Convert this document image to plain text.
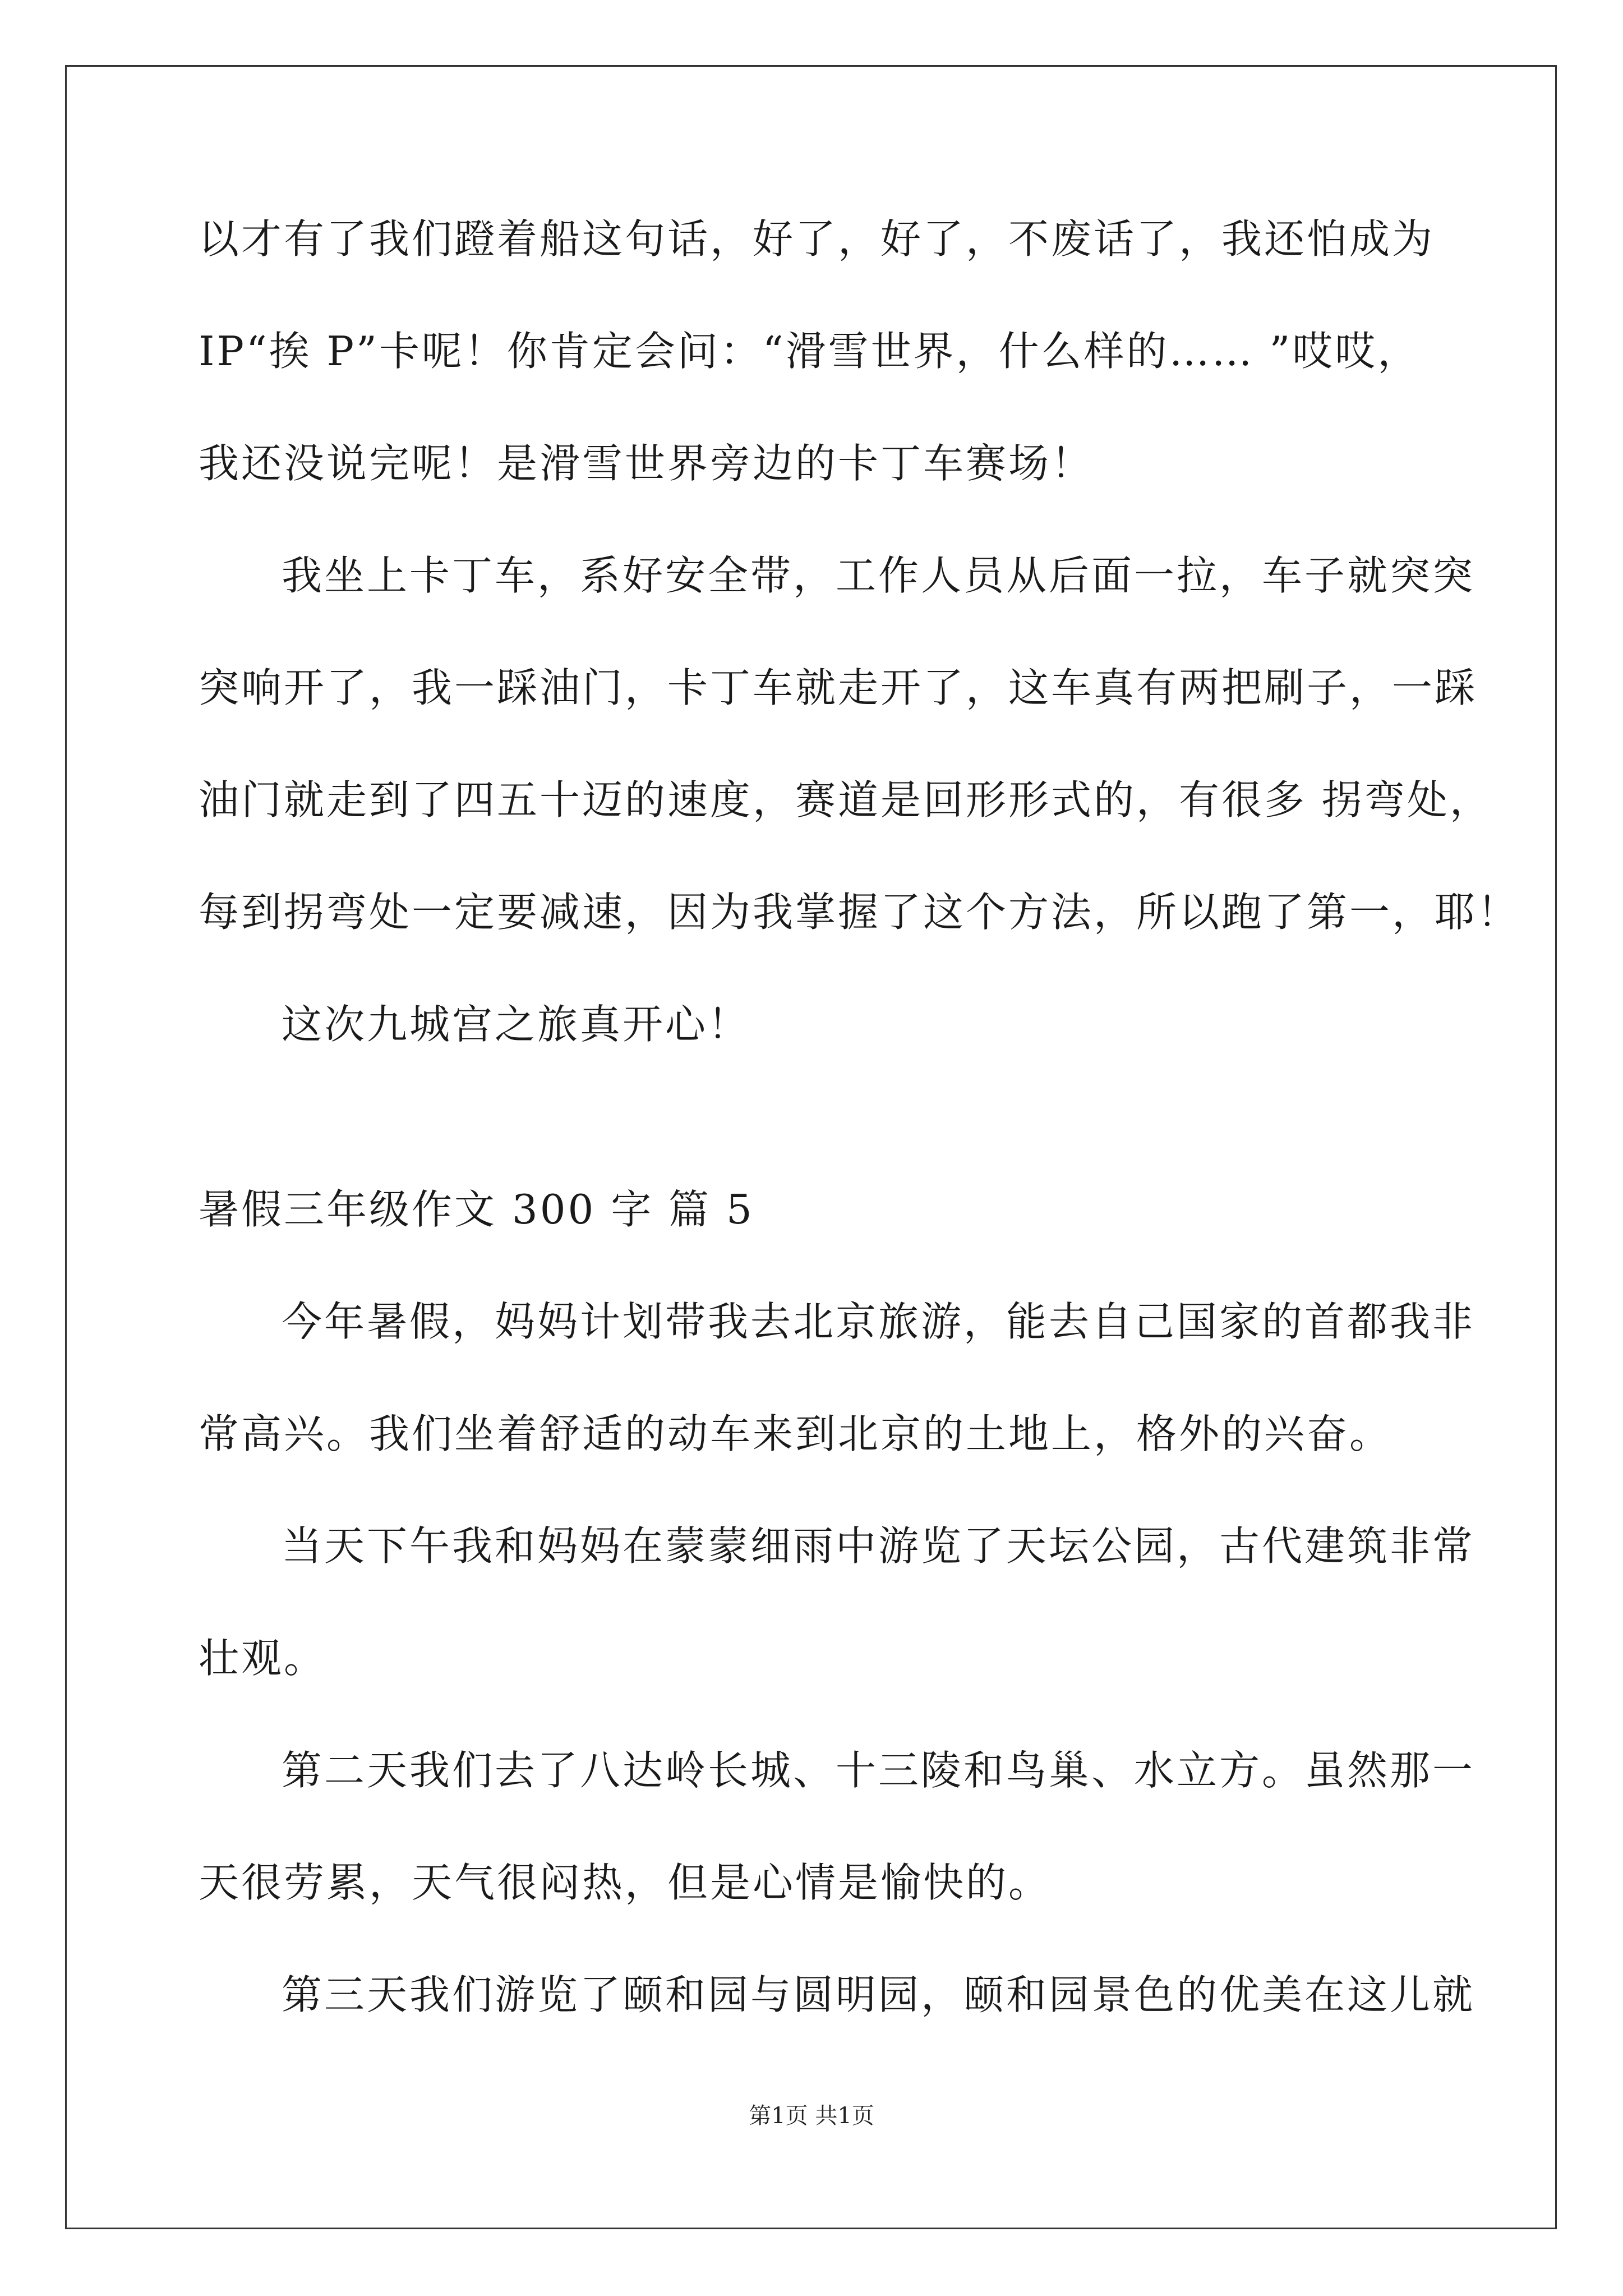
以才有了我们蹬着船这句话，好了，好了，不废话了，我还怕成为
IP“挨 P”卡呢！你肯定会问：“滑雪世界，什么样的…… ”哎哎，
我还没说完呢！是滑雪世界旁边的卡丁车赛场！
我坐上卡丁车，系好安全带，工作人员从后面一拉，车子就突突
突响开了，我一踩油门，卡丁车就走开了，这车真有两把刷子，一踩
油门就走到了四五十迈的速度，赛道是回形形式的，有很多 拐弯处，
每到拐弯处一定要减速，因为我掌握了这个方法，所以跑了第一，耶！
这次九城宫之旅真开心！
暑假三年级作文 300 字 篇 5
今年暑假，妈妈计划带我去北京旅游，能去自己国家的首都我非
常高兴。我们坐着舒适的动车来到北京的土地上，格外的兴奋。
当天下午我和妈妈在蒙蒙细雨中游览了天坛公园，古代建筑非常
壮观。
第二天我们去了八达岭长城、十三陵和鸟巢、水立方。虽然那一
天很劳累，天气很闷热，但是心情是愉快的。
第三天我们游览了颐和园与圆明园，颐和园景色的优美在这儿就
第1页 共1页
